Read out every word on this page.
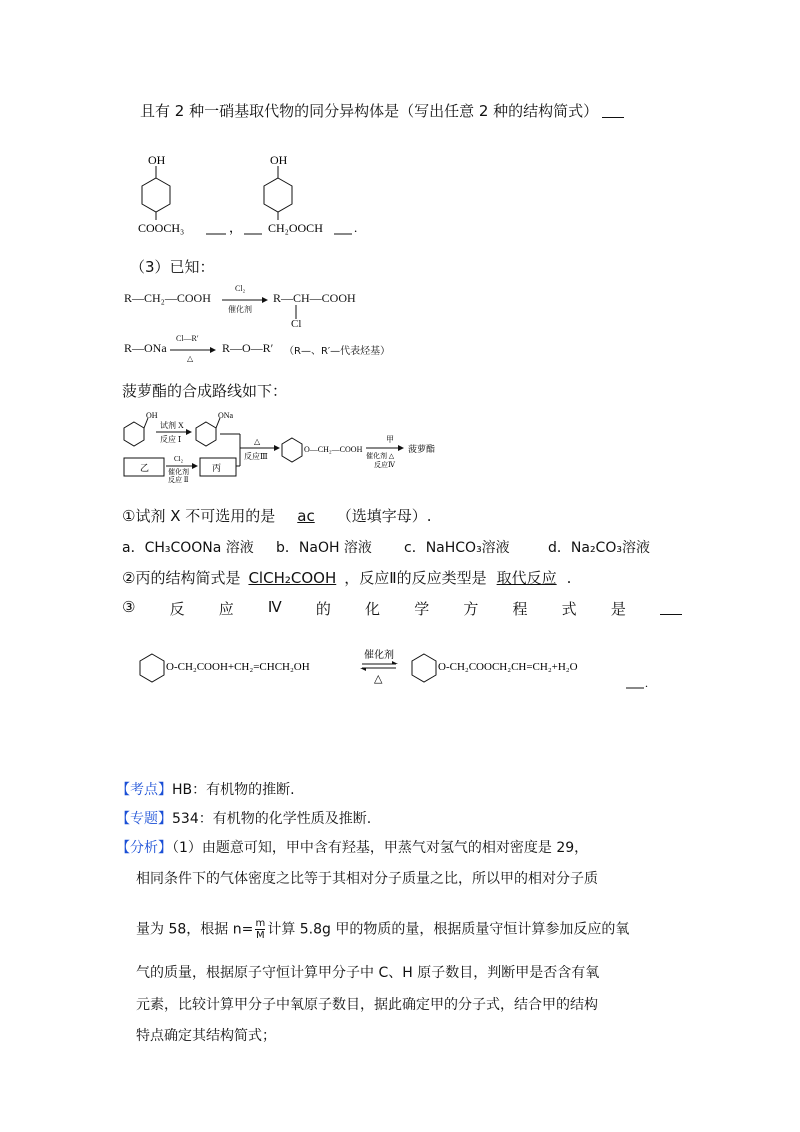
且有 2 种一硝基取代物的同分异构体是（写出任意 2 种的结构简式）
OH
COOCH₃	，
OH
CH₂OOCH .
（3）已知：
R—CH₂—COOH
Cl₂
催化剂
R—CH—COOH
Cl
R—ONa
Cl—R′
△
R—O—R′ （R—、R′—代表烃基）
菠萝酯的合成路线如下：
OH
试剂 X
反应 Ⅰ
ONa
△
反应Ⅲ
O—CH₂—COOH
甲
催化剂 △
反应Ⅳ
菠萝酯
乙
Cl₂
催化剂
反应 Ⅱ
丙
①试剂 X 不可选用的是 ac （选填字母）.
a．CH₃COONa 溶液 b．NaOH 溶液 c．NaHCO₃溶液	d．Na₂CO₃溶液
②丙的结构简式是 ClCH₂COOH ，反应Ⅱ的反应类型是 取代反应 .
③ 反 应 Ⅳ 的 化 学 方 程 式 是
O-CH₂COOH+CH₂=CHCH₂OH
催化剂
△
O-CH₂COOCH₂CH=CH₂+H₂O
.
【考点】HB：有机物的推断.
【专题】534：有机物的化学性质及推断.
【分析】（1）由题意可知，甲中含有羟基，甲蒸气对氢气的相对密度是 29，
相同条件下的气体密度之比等于其相对分子质量之比，所以甲的相对分子质
量为 58，根据 $n= \frac{m}{M}$ 计算 5.8g 甲的物质的量，根据质量守恒计算参加反应的氧
气的质量，根据原子守恒计算甲分子中 C、H 原子数目，判断甲是否含有氧
元素，比较计算甲分子中氧原子数目，据此确定甲的分子式，结合甲的结构
特点确定其结构简式；
